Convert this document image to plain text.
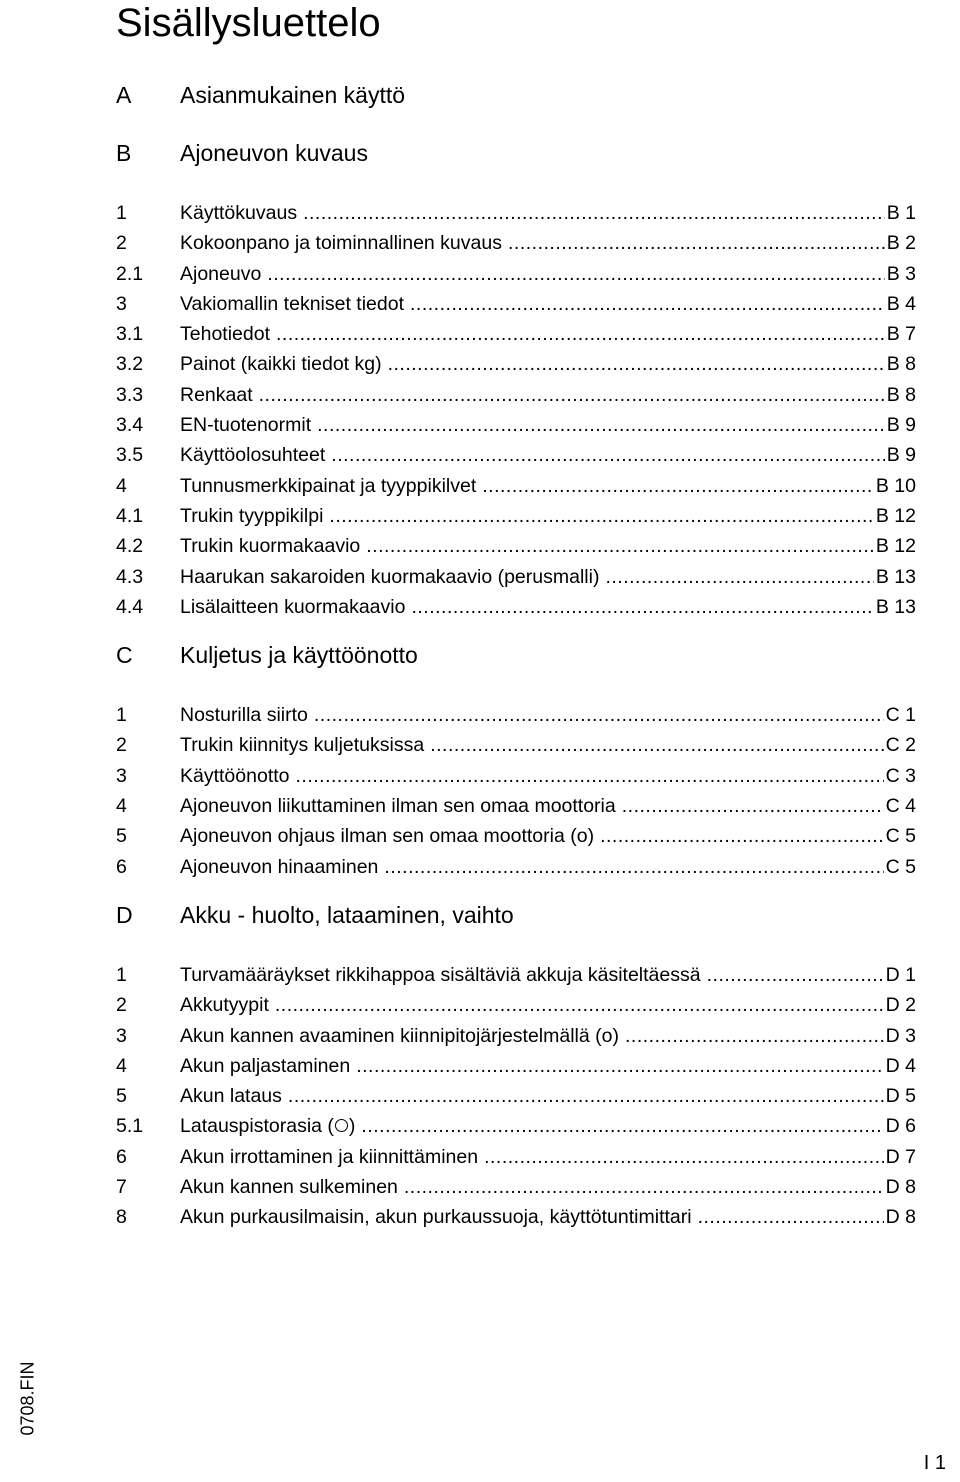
Sisällysluettelo
A	Asianmukainen käyttö
B	Ajoneuvon kuvaus
1	Käyttökuvaus .....	B 1
2	Kokoonpano ja toiminnallinen kuvaus .....	B 2
2.1	Ajoneuvo .....	B 3
3	Vakiomallin tekniset tiedot .....	B 4
3.1	Tehotiedot .....	B 7
3.2	Painot (kaikki tiedot kg) .....	B 8
3.3	Renkaat .....	B 8
3.4	EN-tuotenormit .....	B 9
3.5	Käyttöolosuhteet .....	B 9
4	Tunnusmerkkipainat ja tyyppikilvet .....	B 10
4.1	Trukin tyyppikilpi .....	B 12
4.2	Trukin kuormakaavio .....	B 12
4.3	Haarukan sakaroiden kuormakaavio (perusmalli) .....	B 13
4.4	Lisälaitteen kuormakaavio .....	B 13
C	Kuljetus ja käyttöönotto
1	Nosturilla siirto .....	C 1
2	Trukin kiinnitys kuljetuksissa .....	C 2
3	Käyttöönotto .....	C 3
4	Ajoneuvon liikuttaminen ilman sen omaa moottoria .....	C 4
5	Ajoneuvon ohjaus ilman sen omaa moottoria (o) .....	C 5
6	Ajoneuvon hinaaminen .....	C 5
D	Akku - huolto, lataaminen, vaihto
1	Turvamääräykset rikkihappoa sisältäviä akkuja käsiteltäessä .....	D 1
2	Akkutyypit .....	D 2
3	Akun kannen avaaminen kiinnipitojärjestelmällä (o) .....	D 3
4	Akun paljastaminen .....	D 4
5	Akun lataus .....	D 5
5.1	Latauspistorasia ( ) .....	D 6
6	Akun irrottaminen ja kiinnittäminen .....	D 7
7	Akun kannen sulkeminen .....	D 8
8	Akun purkausilmaisin, akun purkaussuoja, käyttötuntimittari .....	D 8
0708.FIN
I 1
